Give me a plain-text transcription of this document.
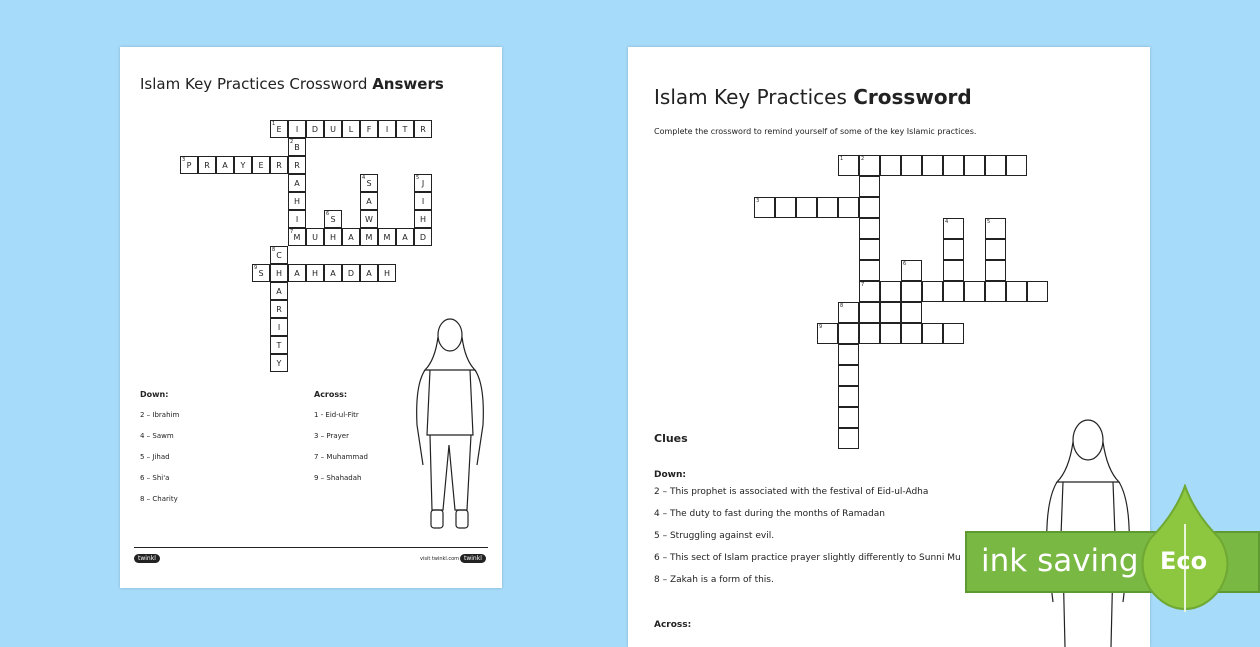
Islam Key Practices Crossword Answers
E	I	D	U	L	F	I	T	R
P	R	A	Y	E	R
B
R
A
H
I
S
A
W
J
I
H
D
S
H
M	U	A	M	M	A
C
S	H	A	H	A	D	A	H
A
R
I
T
Y
1
2
3
4	5
6
7
8
9
Down:	Across:
2 – Ibrahim
4 – Sawm
5 – Jihad
6 – Shi'a
8 – Charity
1 - Eid-ul-Fitr
3 – Prayer
7 – Muhammad
9 – Shahadah
twinkl	visit twinkl.com twinkl
Islam Key Practices Crossword
Complete the crossword to remind yourself of some of the key Islamic practices.
1	2
3
4	5
6
7
8
9
Clues
Down:
2 – This prophet is associated with the festival of Eid-ul-Adha
4 – The duty to fast during the months of Ramadan
5 – Struggling against evil.
6 – This sect of Islam practice prayer slightly differently to Sunni Mu
8 – Zakah is a form of this.
Across:
ink saving Eco
